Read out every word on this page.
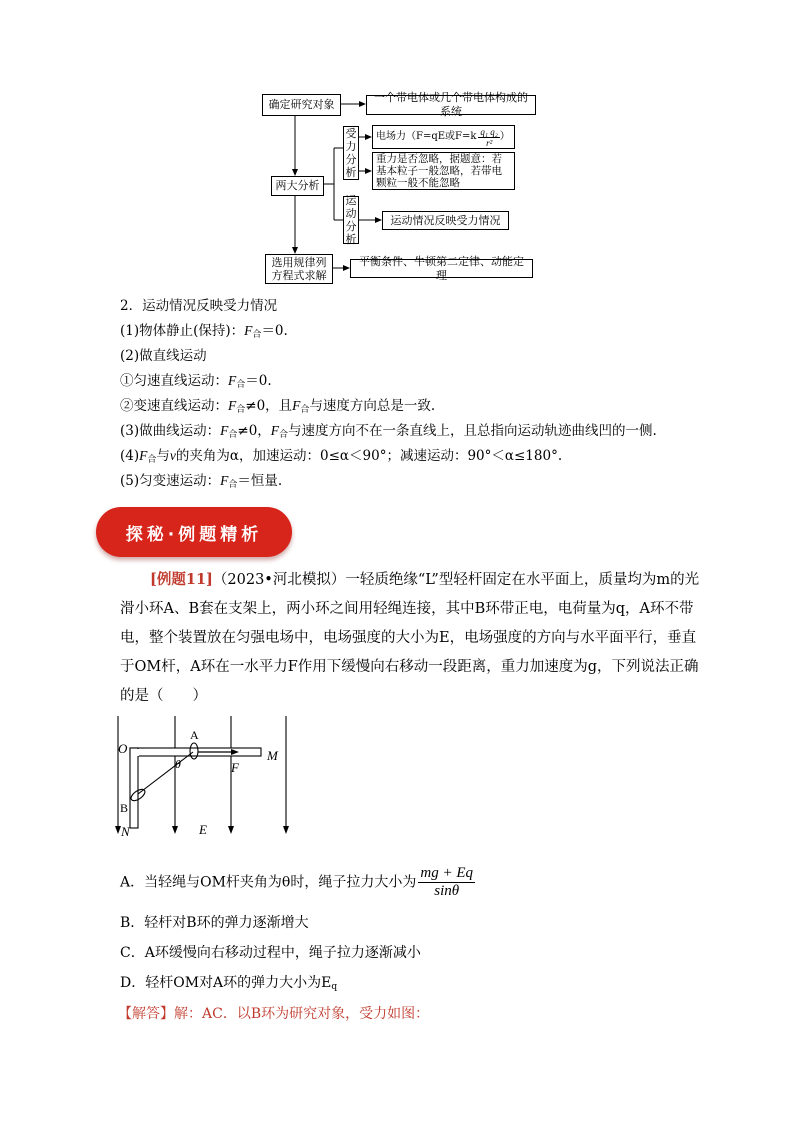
确定研究对象
一个带电体或几个带电体构成的系统
两大分析
受
力
分
析
电场力（F=qE或$F=k \frac{\text{q₁ q₂}}{\text{r²}}$ ）
重力是否忽略，据题意：若基本粒子一般忽略，若带电颗粒一般不能忽略
运
动
分
析
运动情况反映受力情况
选用规律列方程式求解
平衡条件、牛顿第二定律、动能定理
2．运动情况反映受力情况
(1)物体静止(保持)：$F_合=0$.
(2)做直线运动
①匀速直线运动：$F_合=0$.
②变速直线运动：$F_合\ne 0$，且$F_合$与速度方向总是一致.
(3)做曲线运动：$F_合\ne 0$，$F_合$与速度方向不在一条直线上，且总指向运动轨迹曲线凹的一侧.
$(4)F_合$与v的夹角为α，加速运动：0≤α＜90°；减速运动：90°＜α≤180°.
(5)匀变速运动：$F_合=$恒量.
探秘·例题精析
[例题11]（2023•河北模拟）一轻质绝缘“L”型轻杆固定在水平面上，质量均为m的光滑小环A、B套在支架上，两小环之间用轻绳连接，其中B环带正电，电荷量为q，A环不带电，整个装置放在匀强电场中，电场强度的大小为E，电场强度的方向与水平面平行，垂直于OM杆，A环在一水平力F作用下缓慢向右移动一段距离，重力加速度为g，下列说法正确的是（　　）
O
A
M
F
θ
B
N	E
A．当轻绳与OM杆夹角为θ时，绳子拉力大小为 $\frac{mg + Eq}{\sin\theta}$
B．轻杆对B环的弹力逐渐增大
C．A环缓慢向右移动过程中，绳子拉力逐渐减小
D．轻杆OM对A环的弹力大小为$E_q$
【解答】解：AC．以B环为研究对象，受力如图：
